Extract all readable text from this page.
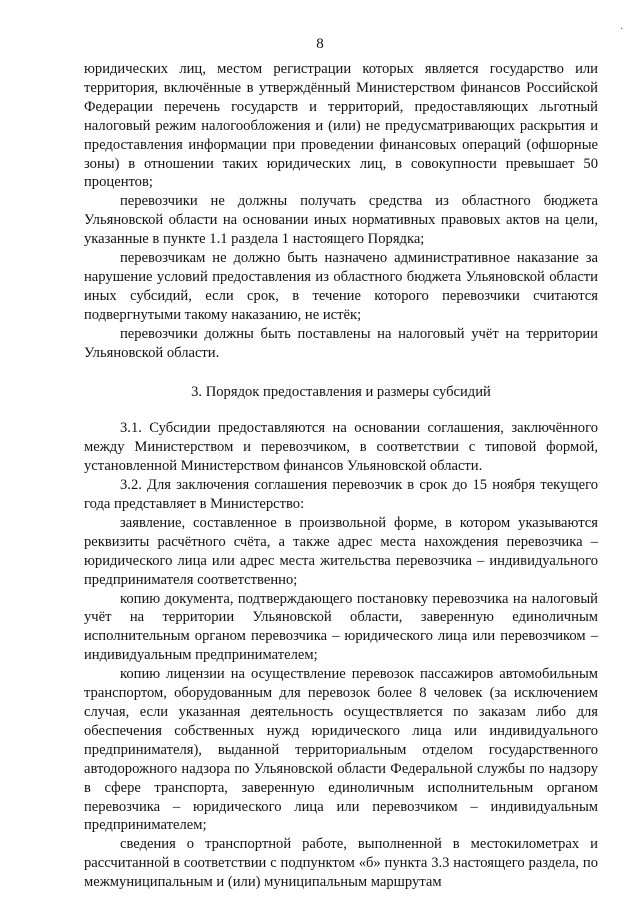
8
·

юридических лиц, местом регистрации которых является государство или территория, включённые в утверждённый Министерством финансов Российской Федерации перечень государств и территорий, предоставляющих льготный налоговый режим налогообложения и (или) не предусматривающих раскрытия и предоставления информации при проведении финансовых операций (офшорные зоны) в отношении таких юридических лиц, в совокупности превышает 50 процентов;

перевозчики не должны получать средства из областного бюджета Ульяновской области на основании иных нормативных правовых актов на цели, указанные в пункте 1.1 раздела 1 настоящего Порядка;

перевозчикам не должно быть назначено административное наказание за нарушение условий предоставления из областного бюджета Ульяновской области иных субсидий, если срок, в течение которого перевозчики считаются подвергнутыми такому наказанию, не истёк;

перевозчики должны быть поставлены на налоговый учёт на территории Ульяновской области.

3. Порядок предоставления и размеры субсидий

3.1. Субсидии предоставляются на основании соглашения, заключённого между Министерством и перевозчиком, в соответствии с типовой формой, установленной Министерством финансов Ульяновской области.

3.2. Для заключения соглашения перевозчик в срок до 15 ноября текущего года представляет в Министерство:

заявление, составленное в произвольной форме, в котором указываются реквизиты расчётного счёта, а также адрес места нахождения перевозчика – юридического лица или адрес места жительства перевозчика – индивидуального предпринимателя соответственно;

копию документа, подтверждающего постановку перевозчика на налоговый учёт на территории Ульяновской области, заверенную единоличным исполнительным органом перевозчика – юридического лица или перевозчиком – индивидуальным предпринимателем;

копию лицензии на осуществление перевозок пассажиров автомобильным транспортом, оборудованным для перевозок более 8 человек (за исключением случая, если указанная деятельность осуществляется по заказам либо для обеспечения собственных нужд юридического лица или индивидуального предпринимателя), выданной территориальным отделом государственного автодорожного надзора по Ульяновской области Федеральной службы по надзору в сфере транспорта, заверенную единоличным исполнительным органом перевозчика – юридического лица или перевозчиком – индивидуальным предпринимателем;

сведения о транспортной работе, выполненной в местокилометрах и рассчитанной в соответствии с подпунктом «б» пункта 3.3 настоящего раздела, по межмуниципальным и (или) муниципальным маршрутам
